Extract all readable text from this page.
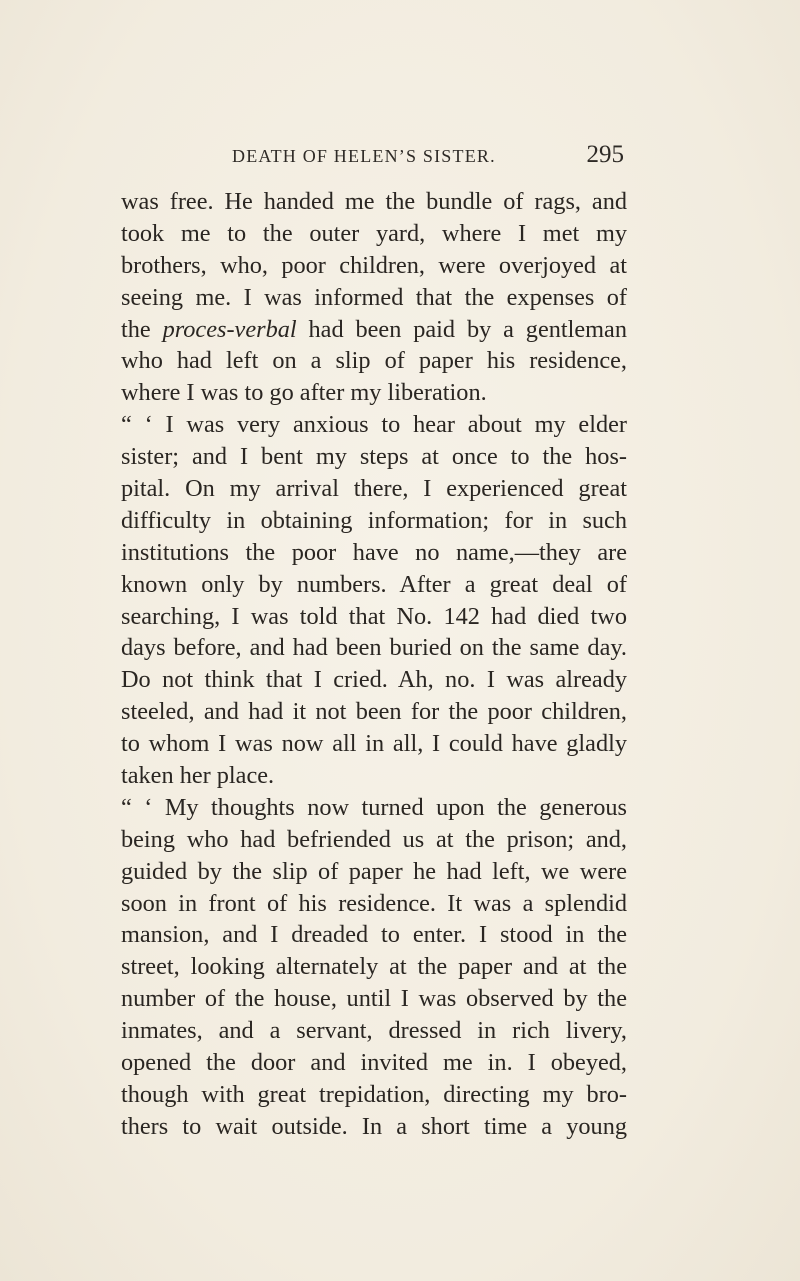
DEATH OF HELEN’S SISTER.	295
was free. He handed me the bundle of rags, and
took me to the outer yard, where I met my
brothers, who, poor children, were overjoyed at
seeing me. I was informed that the expenses of
the proces-verbal had been paid by a gentleman
who had left on a slip of paper his residence,
where I was to go after my liberation.
“ ‘ I was very anxious to hear about my elder
sister; and I bent my steps at once to the hos-
pital. On my arrival there, I experienced great
difficulty in obtaining information; for in such
institutions the poor have no name,—they are
known only by numbers. After a great deal of
searching, I was told that No. 142 had died two
days before, and had been buried on the same day.
Do not think that I cried. Ah, no. I was already
steeled, and had it not been for the poor children,
to whom I was now all in all, I could have gladly
taken her place.
“ ‘ My thoughts now turned upon the generous
being who had befriended us at the prison; and,
guided by the slip of paper he had left, we were
soon in front of his residence. It was a splendid
mansion, and I dreaded to enter. I stood in the
street, looking alternately at the paper and at the
number of the house, until I was observed by the
inmates, and a servant, dressed in rich livery,
opened the door and invited me in. I obeyed,
though with great trepidation, directing my bro-
thers to wait outside. In a short time a young
